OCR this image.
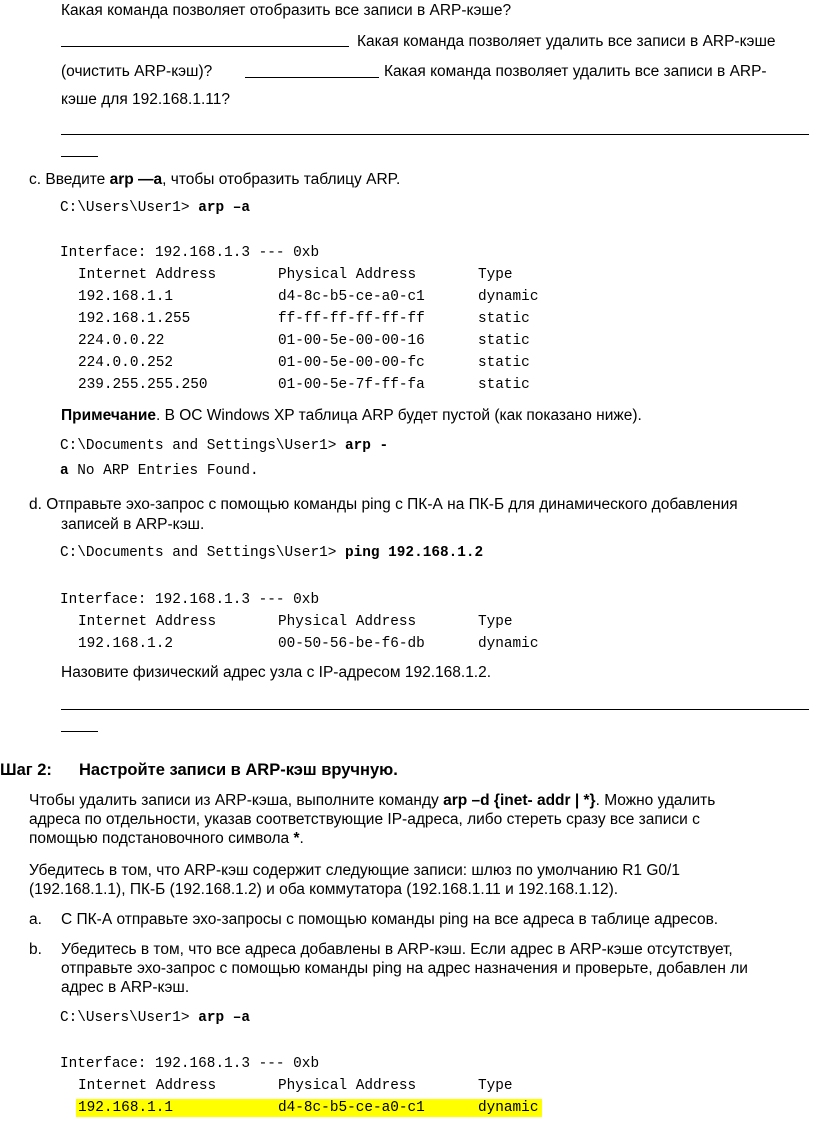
Какая команда позволяет отобразить все записи в ARP-кэше?
Какая команда позволяет удалить все записи в ARP-кэше
(очистить ARP-кэш)?	Какая команда позволяет удалить все записи в ARP-
кэше для 192.168.1.11?
c. Введите arp —a, чтобы отобразить таблицу ARP.
C:\Users\User1> arp –a
Interface: 192.168.1.3 --- 0xb
Internet Address	Physical Address	Type
192.168.1.1	d4-8c-b5-ce-a0-c1	dynamic
192.168.1.255	ff-ff-ff-ff-ff-ff	static
224.0.0.22	01-00-5e-00-00-16	static
224.0.0.252	01-00-5e-00-00-fc	static
239.255.255.250	01-00-5e-7f-ff-fa	static
Примечание. В ОС Windows XP таблица ARP будет пустой (как показано ниже).
C:\Documents and Settings\User1> arp -
a No ARP Entries Found.
d. Отправьте эхо-запрос с помощью команды ping с ПК-А на ПК-Б для динамического добавления
записей в ARP-кэш.
C:\Documents and Settings\User1> ping 192.168.1.2
Interface: 192.168.1.3 --- 0xb
Internet Address	Physical Address	Type
192.168.1.2	00-50-56-be-f6-db	dynamic
Назовите физический адрес узла с IP-адресом 192.168.1.2.
Шаг 2: Настройте записи в ARP-кэш вручную.
Чтобы удалить записи из ARP-кэша, выполните команду arp –d {inet- addr | *}. Можно удалить
адреса по отдельности, указав соответствующие IP-адреса, либо стереть сразу все записи с
помощью подстановочного символа *.
Убедитесь в том, что ARP-кэш содержит следующие записи: шлюз по умолчанию R1 G0/1
(192.168.1.1), ПК-Б (192.168.1.2) и оба коммутатора (192.168.1.11 и 192.168.1.12).
a. С ПК-А отправьте эхо-запросы с помощью команды ping на все адреса в таблице адресов.
b. Убедитесь в том, что все адреса добавлены в ARP-кэш. Если адрес в ARP-кэше отсутствует,
отправьте эхо-запрос с помощью команды ping на адрес назначения и проверьте, добавлен ли
адрес в ARP-кэш.
C:\Users\User1> arp –a
Interface: 192.168.1.3 --- 0xb
Internet Address	Physical Address	Type
192.168.1.1	d4-8c-b5-ce-a0-c1	dynamic
